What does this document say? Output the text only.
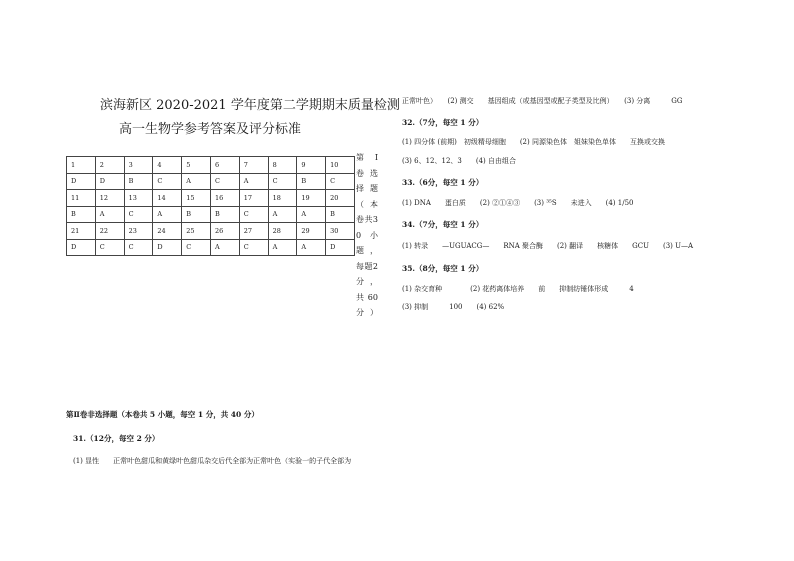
滨海新区 2020-2021 学年度第二学期期末质量检测
高一生物学参考答案及评分标准
1	2	3	4	5	6	7	8	9	10
D	D	B	C	A	C	A	C	B	C
11	12	13	14	15	16	17	18	19	20
B	A	C	A	B	B	C	A	A	B
21	22	23	24	25	26	27	28	29	30
D	C	C	D	C	A	C	A	A	D
第 I 卷选择题（本卷共30小题，每题2分，共60分）
第Ⅱ卷非选择题（本卷共 5 小题，每空 1 分，共 40 分）
31.（12分，每空 2 分）
(1) 显性　　正常叶色甜瓜和黄绿叶色甜瓜杂交后代全部为正常叶色（实验一的子代全部为
正常叶色）　　(2) 测交　　基因组成（或基因型或配子类型及比例）　　(3) 分离　　　GG
32.（7分，每空 1 分）
(1) 四分体 (前期)　初级精母细胞　　(2) 同源染色体　姐妹染色单体　　互换或交换
(3) 6、12、12、3　　(4) 自由组合
33.（6分，每空 1 分）
(1) DNA　　蛋白质　　(2) ②①④③　　(3) ³⁵S　　未进入　　(4) 1/50
34.（7分，每空 1 分）
(1) 转录　　—UGUACG—　　RNA 聚合酶　　(2) 翻译　　核糖体　　GCU　　(3) U—A
35.（8分，每空 1 分）
(1) 杂交育种　　　　(2) 花药离体培养　　前　　抑制纺锤体形成　　　4
(3) 抑制　　　100　　(4) 62%
